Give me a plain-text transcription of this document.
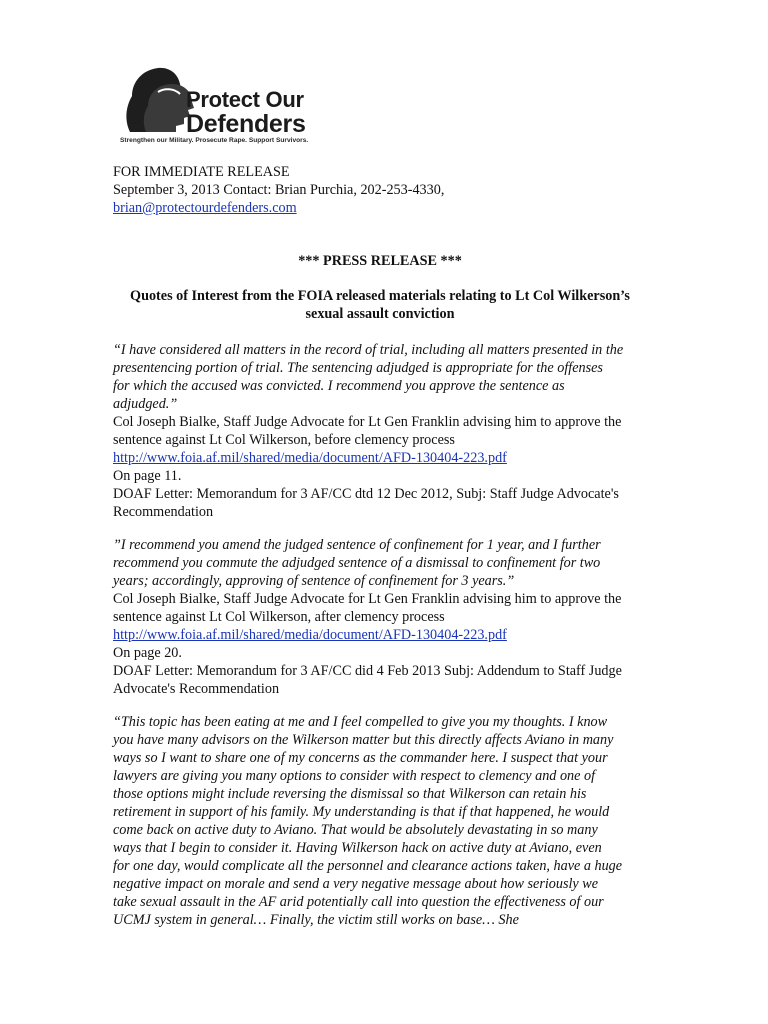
Protect Our
Defenders
Strengthen our Military. Prosecute Rape. Support Survivors.
FOR IMMEDIATE RELEASE
September 3, 2013 Contact: Brian Purchia, 202-253-4330,
brian@protectourdefenders.com
*** PRESS RELEASE ***
Quotes of Interest from the FOIA released materials relating to Lt Col Wilkerson’s
sexual assault conviction
“I have considered all matters in the record of trial, including all matters presented in the
presentencing portion of trial. The sentencing adjudged is appropriate for the offenses
for which the accused was convicted. I recommend you approve the sentence as
adjudged.”
Col Joseph Bialke, Staff Judge Advocate for Lt Gen Franklin advising him to approve the
sentence against Lt Col Wilkerson, before clemency process
http://www.foia.af.mil/shared/media/document/AFD-130404-223.pdf
On page 11.
DOAF Letter: Memorandum for 3 AF/CC dtd 12 Dec 2012, Subj: Staff Judge Advocate's
Recommendation
”I recommend you amend the judged sentence of confinement for 1 year, and I further
recommend you commute the adjudged sentence of a dismissal to confinement for two
years; accordingly, approving of sentence of confinement for 3 years.”
Col Joseph Bialke, Staff Judge Advocate for Lt Gen Franklin advising him to approve the
sentence against Lt Col Wilkerson, after clemency process
http://www.foia.af.mil/shared/media/document/AFD-130404-223.pdf
On page 20.
DOAF Letter: Memorandum for 3 AF/CC did 4 Feb 2013 Subj: Addendum to Staff Judge
Advocate's Recommendation
“This topic has been eating at me and I feel compelled to give you my thoughts. I know
you have many advisors on the Wilkerson matter but this directly affects Aviano in many
ways so I want to share one of my concerns as the commander here. I suspect that your
lawyers are giving you many options to consider with respect to clemency and one of
those options might include reversing the dismissal so that Wilkerson can retain his
retirement in support of his family. My understanding is that if that happened, he would
come back on active duty to Aviano. That would be absolutely devastating in so many
ways that I begin to consider it. Having Wilkerson hack on active duty at Aviano, even
for one day, would complicate all the personnel and clearance actions taken, have a huge
negative impact on morale and send a very negative message about how seriously we
take sexual assault in the AF arid potentially call into question the effectiveness of our
UCMJ system in general… Finally, the victim still works on base… She
